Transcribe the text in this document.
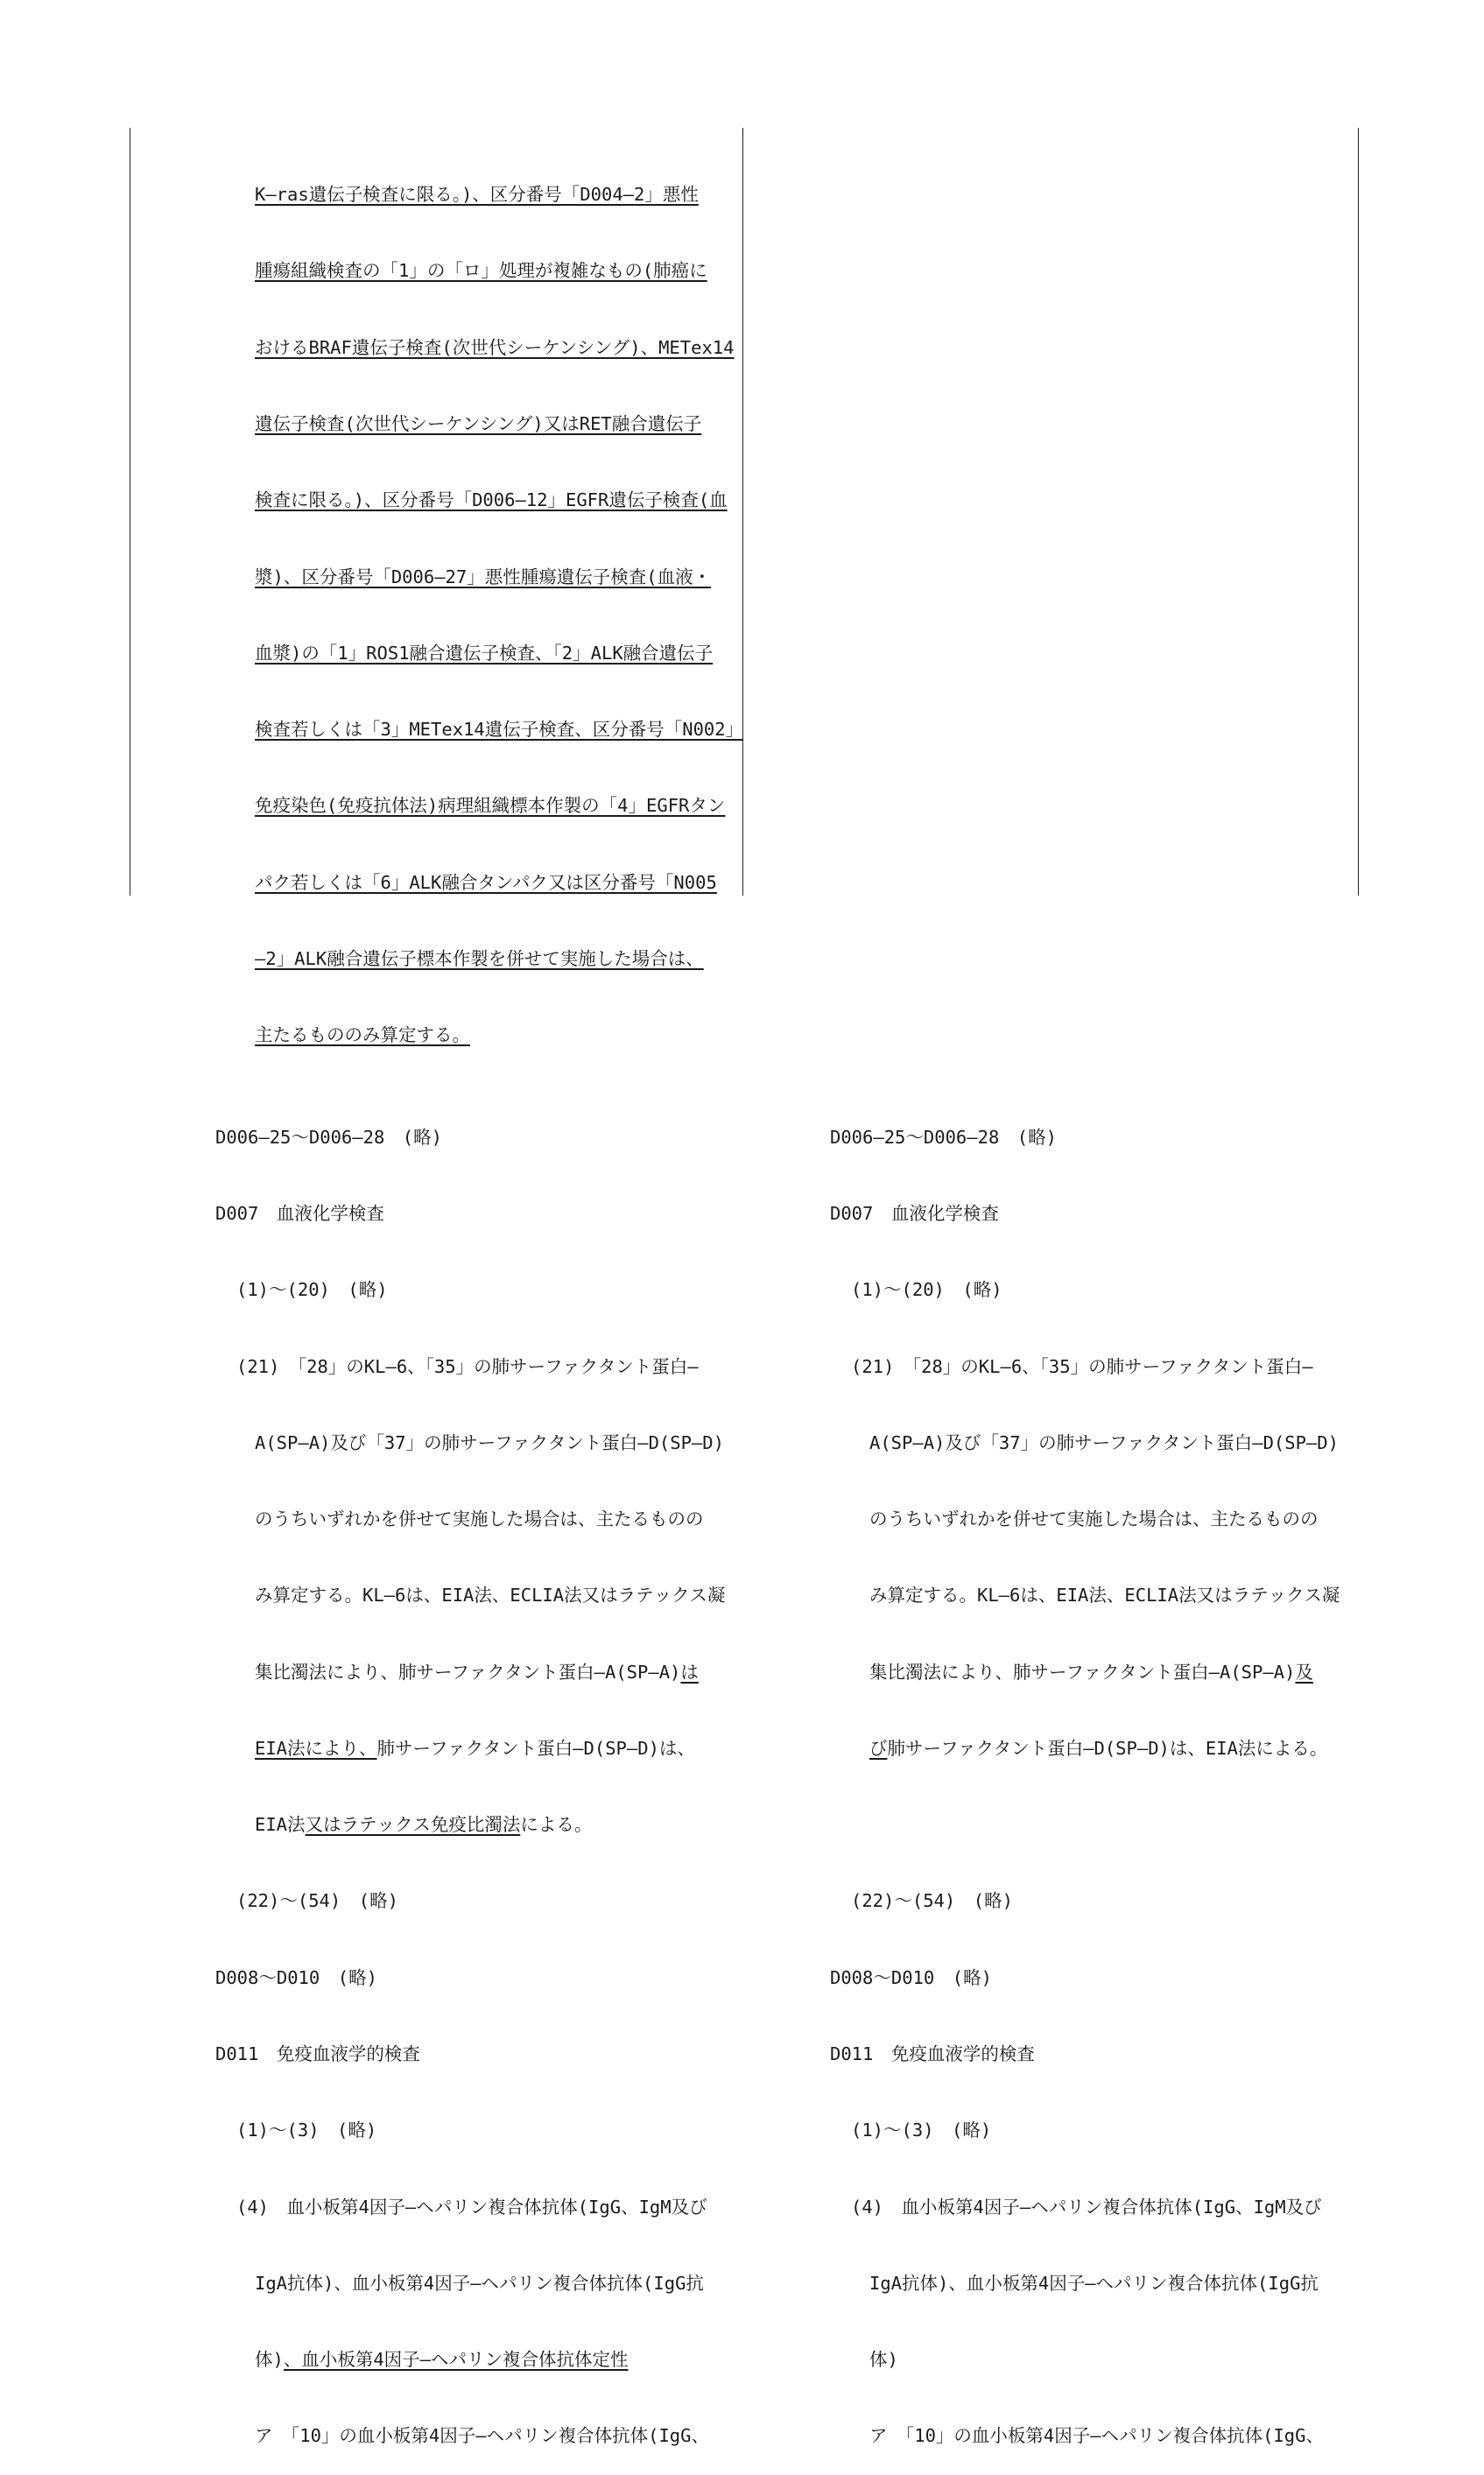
K―ras遺伝子検査に限る。)、区分番号「D004―2」悪性

腫瘍組織検査の「1」の「ロ」処理が複雑なもの(肺癌に

おけるBRAF遺伝子検査(次世代シーケンシング)、METex14

遺伝子検査(次世代シーケンシング)又はRET融合遺伝子

検査に限る。)、区分番号「D006―12」EGFR遺伝子検査(血

漿)、区分番号「D006―27」悪性腫瘍遺伝子検査(血液・

血漿)の「1」ROS1融合遺伝子検査、「2」ALK融合遺伝子

検査若しくは「3」METex14遺伝子検査、区分番号「N002」

免疫染色(免疫抗体法)病理組織標本作製の「4」EGFRタン

パク若しくは「6」ALK融合タンパク又は区分番号「N005

―2」ALK融合遺伝子標本作製を併せて実施した場合は、

主たるもののみ算定する。

D006―25～D006―28　(略)

D007　血液化学検査

(1)～(20)　(略)

(21)　「28」のKL―6、「35」の肺サーファクタント蛋白―

A(SP―A)及び「37」の肺サーファクタント蛋白―D(SP―D)

のうちいずれかを併せて実施した場合は、主たるものの

み算定する。KL―6は、EIA法、ECLIA法又はラテックス凝

集比濁法により、肺サーファクタント蛋白―A(SP―A)は

EIA法により、肺サーファクタント蛋白―D(SP―D)は、

EIA法又はラテックス免疫比濁法による。

(22)～(54)　(略)

D008～D010　(略)

D011　免疫血液学的検査

(1)～(3)　(略)

(4)　血小板第4因子―ヘパリン複合体抗体(IgG、IgM及び

IgA抗体)、血小板第4因子―ヘパリン複合体抗体(IgG抗

体)、血小板第4因子―ヘパリン複合体抗体定性

ア　「10」の血小板第4因子―ヘパリン複合体抗体(IgG、

D006―25～D006―28　(略)

D007　血液化学検査

(1)～(20)　(略)

(21)　「28」のKL―6、「35」の肺サーファクタント蛋白―

A(SP―A)及び「37」の肺サーファクタント蛋白―D(SP―D)

のうちいずれかを併せて実施した場合は、主たるものの

み算定する。KL―6は、EIA法、ECLIA法又はラテックス凝

集比濁法により、肺サーファクタント蛋白―A(SP―A)及

び肺サーファクタント蛋白―D(SP―D)は、EIA法による。

(22)～(54)　(略)

D008～D010　(略)

D011　免疫血液学的検査

(1)～(3)　(略)

(4)　血小板第4因子―ヘパリン複合体抗体(IgG、IgM及び

IgA抗体)、血小板第4因子―ヘパリン複合体抗体(IgG抗

体)

ア　「10」の血小板第4因子―ヘパリン複合体抗体(IgG、
